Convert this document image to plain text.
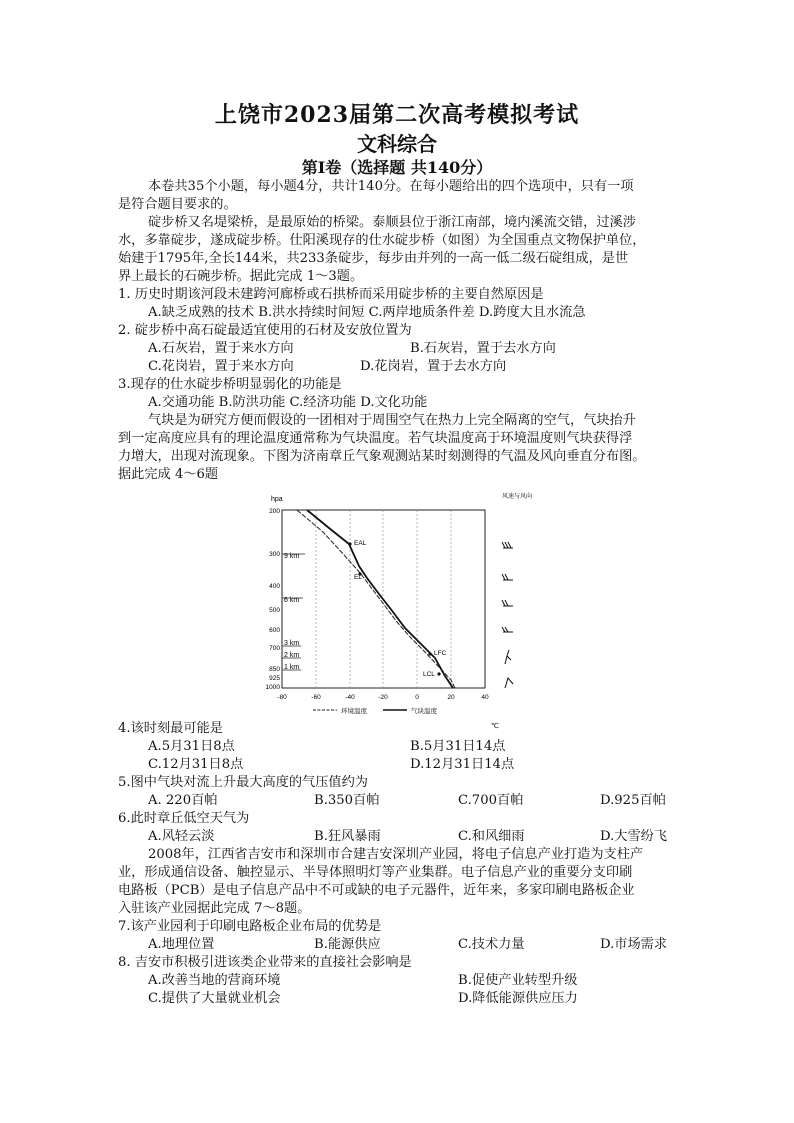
上饶市2023届第二次高考模拟考试
文科综合
第Ⅰ卷（选择题 共140分）
本卷共35个小题，每小题4分，共计140分。在每小题给出的四个选项中，只有一项
是符合题目要求的。
碇步桥又名堤梁桥，是最原始的桥梁。泰顺县位于浙江南部，境内溪流交错，过溪涉
水，多靠碇步，遂成碇步桥。仕阳溪现存的仕水碇步桥（如图）为全国重点文物保护单位，
始建于1795年,全长144米，共233条碇步，每步由并列的一高一低二级石碇组成，是世
界上最长的石碗步桥。据此完成 1～3题。
1. 历史时期该河段未建跨河廊桥或石拱桥而采用碇步桥的主要自然原因是
A.缺乏成熟的技术 B.洪水持续时间短 C.两岸地质条件差 D.跨度大且水流急
2. 碇步桥中高石碇最适宜使用的石材及安放位置为
A.石灰岩，置于来水方向	B.石灰岩，置于去水方向
C.花岗岩，置于来水方向	D.花岗岩，置于去水方向
3.现存的仕水碇步桥明显弱化的功能是
A.交通功能 B.防洪功能 C.经济功能 D.文化功能
气块是为研究方便而假设的一团相对于周围空气在热力上完全隔离的空气，气块抬升
到一定高度应具有的理论温度通常称为气块温度。若气块温度高于环境温度则气块获得浮
力增大，出现对流现象。下图为济南章丘气象观测站某时刻测得的气温及风向垂直分布图。
据此完成 4～6题
hpa
℃
风速与风向
200
300
400
500
600
700
850
925
1000
9 km
6 km
3 km
2 km
1 km
EAL
EL
LFC
LCL
-80	-60	-40	-20	0	20	40
环境温度	气块温度
4.该时刻最可能是
A.5月31日8点	B.5月31日14点
C.12月31日8点	D.12月31日14点
5.图中气块对流上升最大高度的气压值约为
A. 220百帕	B.350百帕	C.700百帕	D.925百帕
6.此时章丘低空天气为
A.风轻云淡	B.狂风暴雨	C.和风细雨	D.大雪纷飞
2008年，江西省吉安市和深圳市合建吉安深圳产业园，将电子信息产业打造为支柱产
业，形成通信设备、触控显示、半导体照明灯等产业集群。电子信息产业的重要分支印刷
电路板（PCB）是电子信息产品中不可或缺的电子元器件，近年来，多家印刷电路板企业
入驻该产业园据此完成 7～8题。
7.该产业园利于印刷电路板企业布局的优势是
A.地理位置	B.能源供应	C.技术力量	D.市场需求
8. 吉安市积极引进该类企业带来的直接社会影响是
A.改善当地的营商环境	B.促使产业转型升级
C.提供了大量就业机会	D.降低能源供应压力
